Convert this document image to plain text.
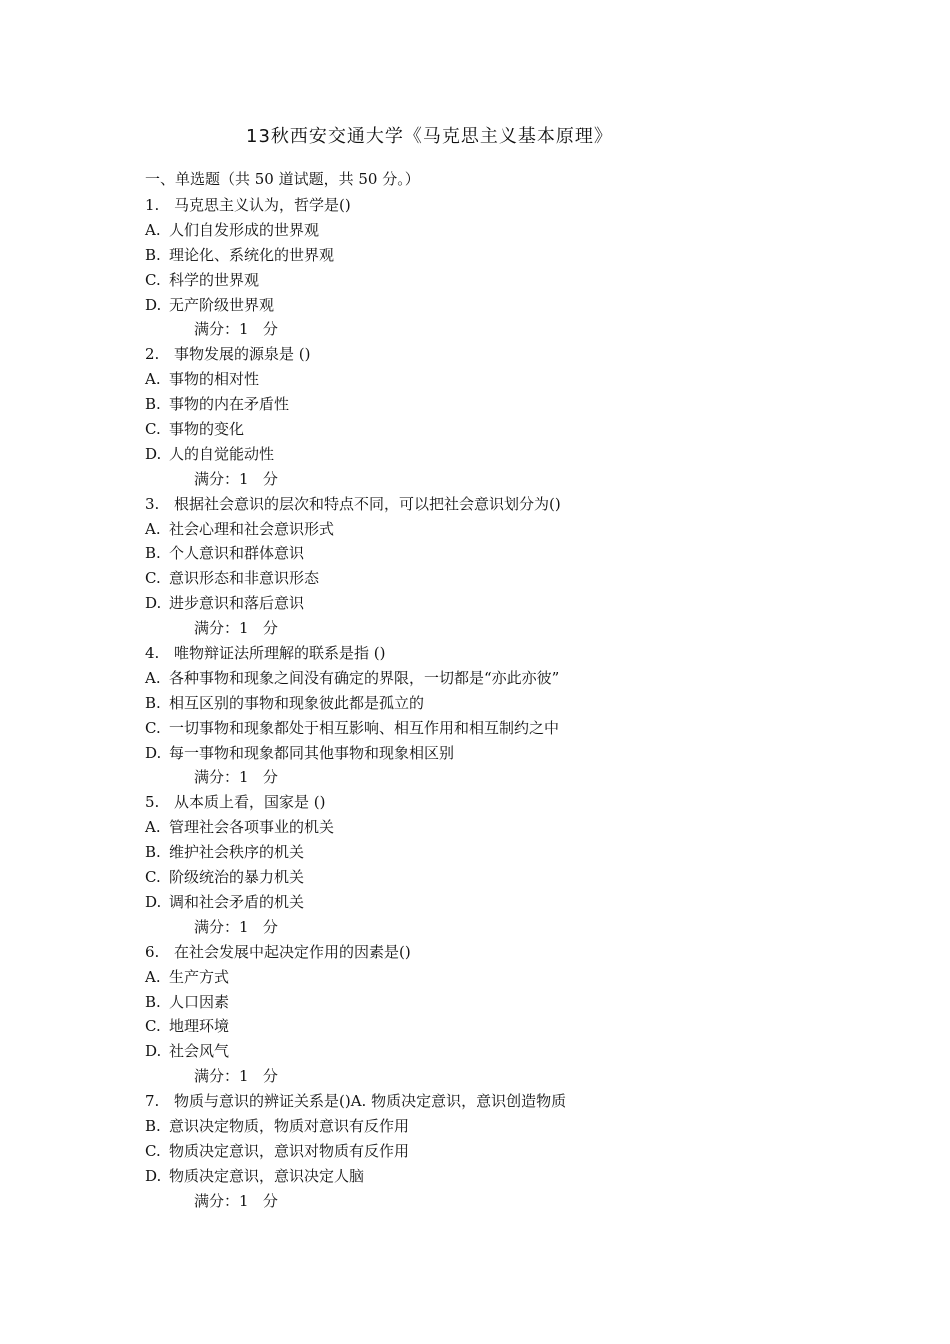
13秋西安交通大学《马克思主义基本原理》
一、单选题（共 50 道试题，共 50 分。）
1. 马克思主义认为，哲学是()
A. 人们自发形成的世界观
B. 理论化、系统化的世界观
C. 科学的世界观
D. 无产阶级世界观
满分：1 分
2. 事物发展的源泉是 ()
A. 事物的相对性
B. 事物的内在矛盾性
C. 事物的变化
D. 人的自觉能动性
满分：1 分
3. 根据社会意识的层次和特点不同，可以把社会意识划分为()
A. 社会心理和社会意识形式
B. 个人意识和群体意识
C. 意识形态和非意识形态
D. 进步意识和落后意识
满分：1 分
4. 唯物辩证法所理解的联系是指 ()
A. 各种事物和现象之间没有确定的界限，一切都是“亦此亦彼”
B. 相互区别的事物和现象彼此都是孤立的
C. 一切事物和现象都处于相互影响、相互作用和相互制约之中
D. 每一事物和现象都同其他事物和现象相区别
满分：1 分
5. 从本质上看，国家是 ()
A. 管理社会各项事业的机关
B. 维护社会秩序的机关
C. 阶级统治的暴力机关
D. 调和社会矛盾的机关
满分：1 分
6. 在社会发展中起决定作用的因素是()
A. 生产方式
B. 人口因素
C. 地理环境
D. 社会风气
满分：1 分
7. 物质与意识的辨证关系是()A. 物质决定意识，意识创造物质
B. 意识决定物质，物质对意识有反作用
C. 物质决定意识，意识对物质有反作用
D. 物质决定意识，意识决定人脑
满分：1 分
